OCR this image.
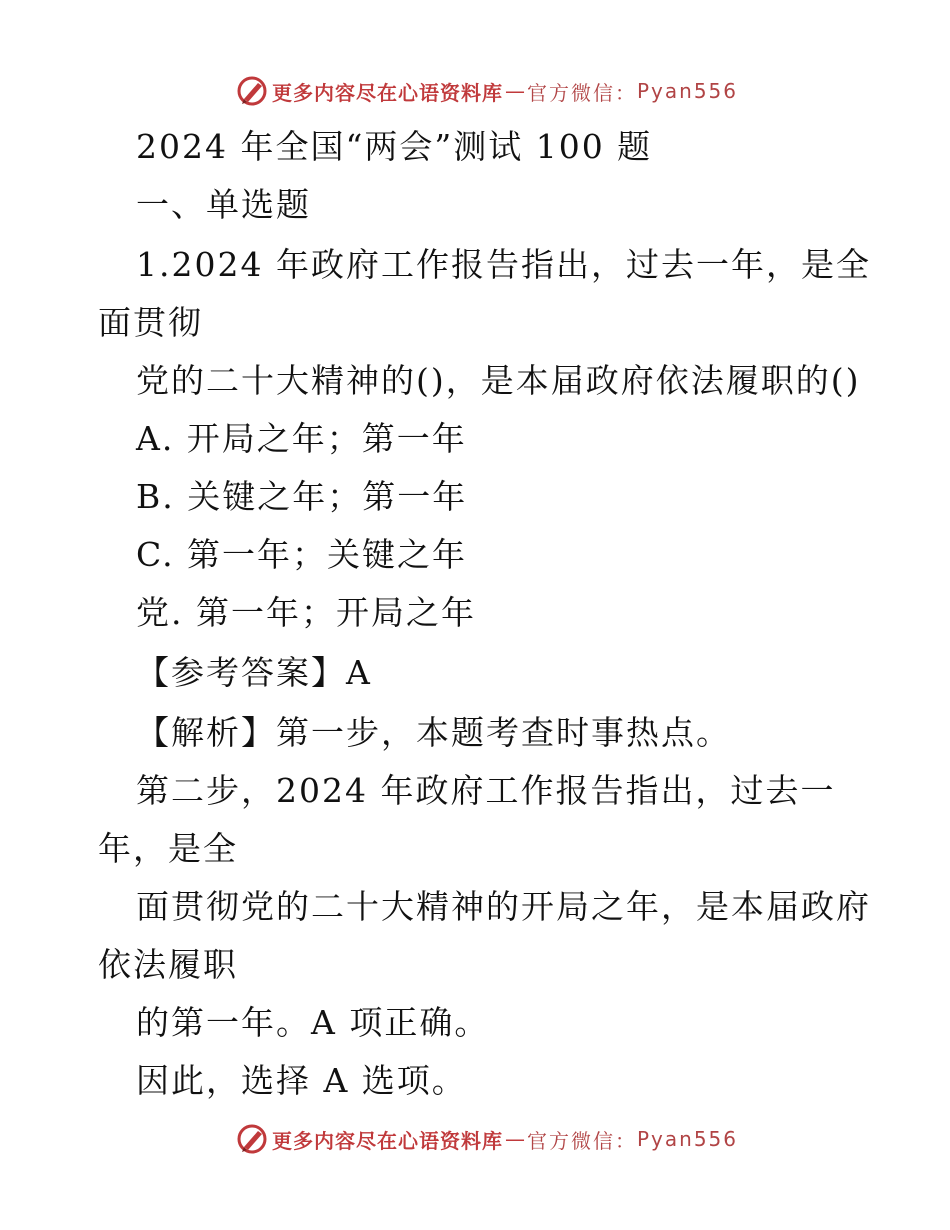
更多内容尽在心语资料库 — 官方微信： Pyan556
2024 年全国“两会”测试 100 题
一、单选题
1.2024 年政府工作报告指出，过去一年，是全
面贯彻
党的二十大精神的()，是本届政府依法履职的()
A. 开局之年；第一年
B. 关键之年；第一年
C. 第一年；关键之年
党. 第一年；开局之年
【参考答案】A
【解析】第一步，本题考查时事热点。
第二步，2024 年政府工作报告指出，过去一
年，是全
面贯彻党的二十大精神的开局之年，是本届政府
依法履职
的第一年。A 项正确。
因此，选择 A 选项。
更多内容尽在心语资料库 — 官方微信： Pyan556
